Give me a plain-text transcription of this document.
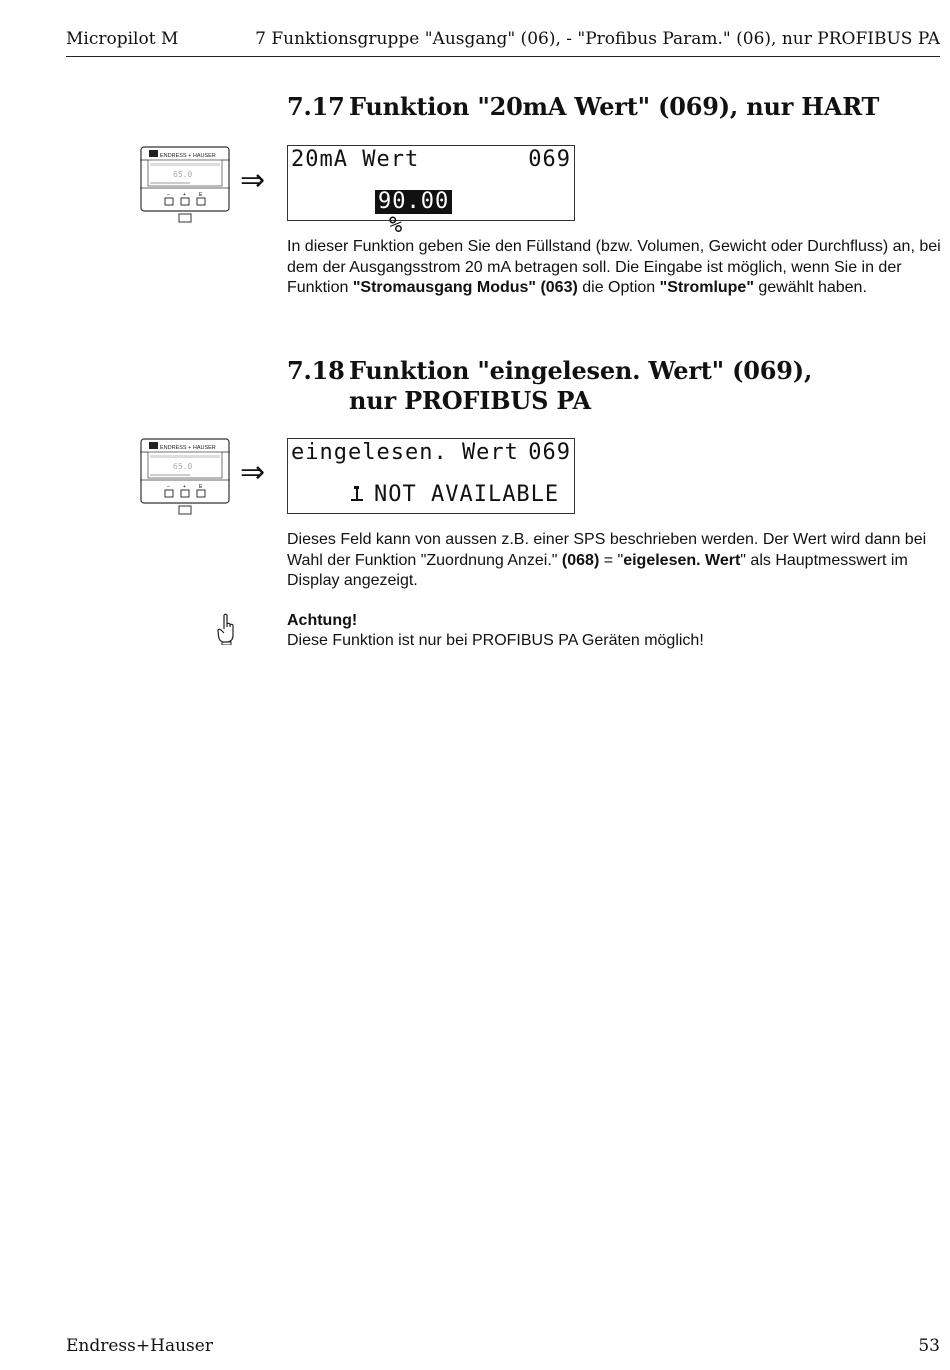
Micropilot M	7 Funktionsgruppe "Ausgang" (06), - "Profibus Param." (06), nur PROFIBUS PA
7.17 Funktion "20mA Wert" (069), nur HART
ENDRESS + HAUSER
65.0
–	+	E ⇒
20mA Wert	069

90.00
%

In dieser Funktion geben Sie den Füllstand (bzw. Volumen, Gewicht oder Durchfluss) an, bei dem der Ausgangsstrom 20 mA betragen soll. Die Eingabe ist möglich, wenn Sie in der Funktion "Stromausgang Modus" (063) die Option "Stromlupe" gewählt haben.
7.18 Funktion "eingelesen. Wert" (069),
nur PROFIBUS PA
ENDRESS + HAUSER
65.0
–	+	E ⇒
eingelesen. Wert 069

NOT AVAILABLE

Dieses Feld kann von aussen z.B. einer SPS beschrieben werden. Der Wert wird dann bei Wahl der Funktion "Zuordnung Anzei." (068) = "eigelesen. Wert" als Hauptmesswert im Display angezeigt.
Achtung!
Diese Funktion ist nur bei PROFIBUS PA Geräten möglich!
Endress+Hauser	53
